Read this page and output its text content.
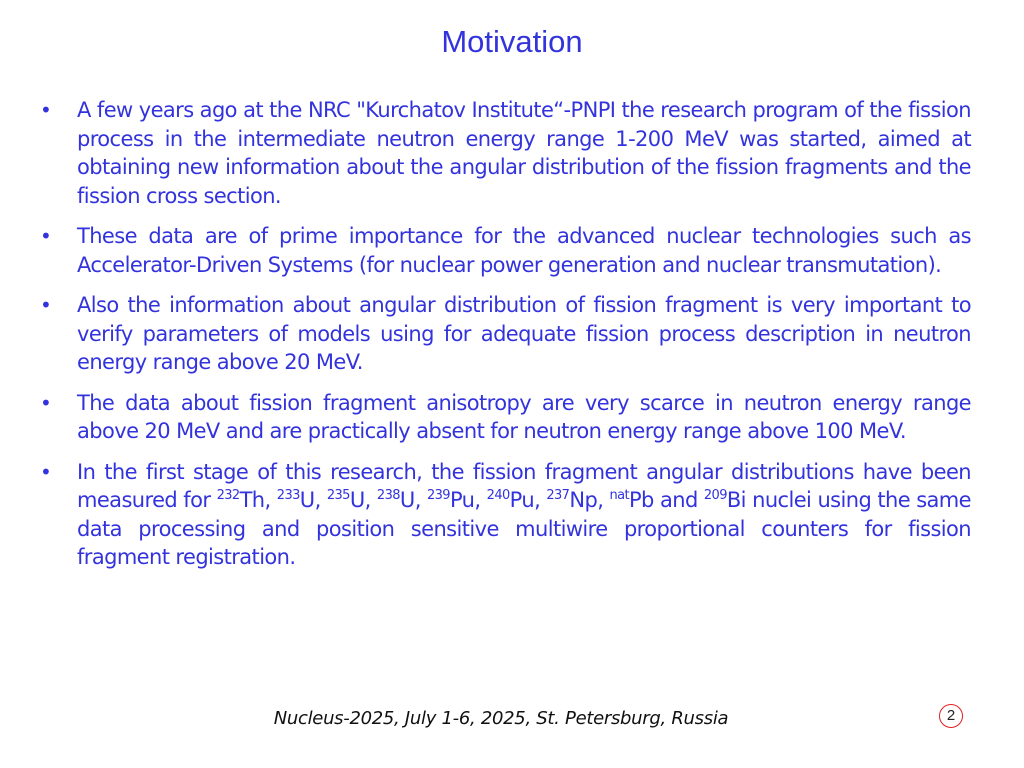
Motivation
• A few years ago at the NRC "Kurchatov Institute“-PNPI the research program of the fission process in the intermediate neutron energy range 1-200 MeV was started, aimed at obtaining new information about the angular distribution of the fission fragments and the fission cross section.
• These data are of prime importance for the advanced nuclear technologies such as Accelerator-Driven Systems (for nuclear power generation and nuclear transmutation).
• Also the information about angular distribution of fission fragment is very important to verify parameters of models using for adequate fission process description in neutron energy range above 20 MeV.
• The data about fission fragment anisotropy are very scarce in neutron energy range above 20 MeV and are practically absent for neutron energy range above 100 MeV.
• In the first stage of this research, the fission fragment angular distributions have been measured for $^{232}$Th, $^{233}$U, $^{235}$U, $^{238}$U, $^{239}$Pu, $^{240}$Pu, $^{237}$Np, $^{nat}$Pb and $^{209}$Bi nuclei using the same data processing and position sensitive multiwire proportional counters for fission fragment registration.
Nucleus-2025, July 1-6, 2025, St. Petersburg, Russia	2
